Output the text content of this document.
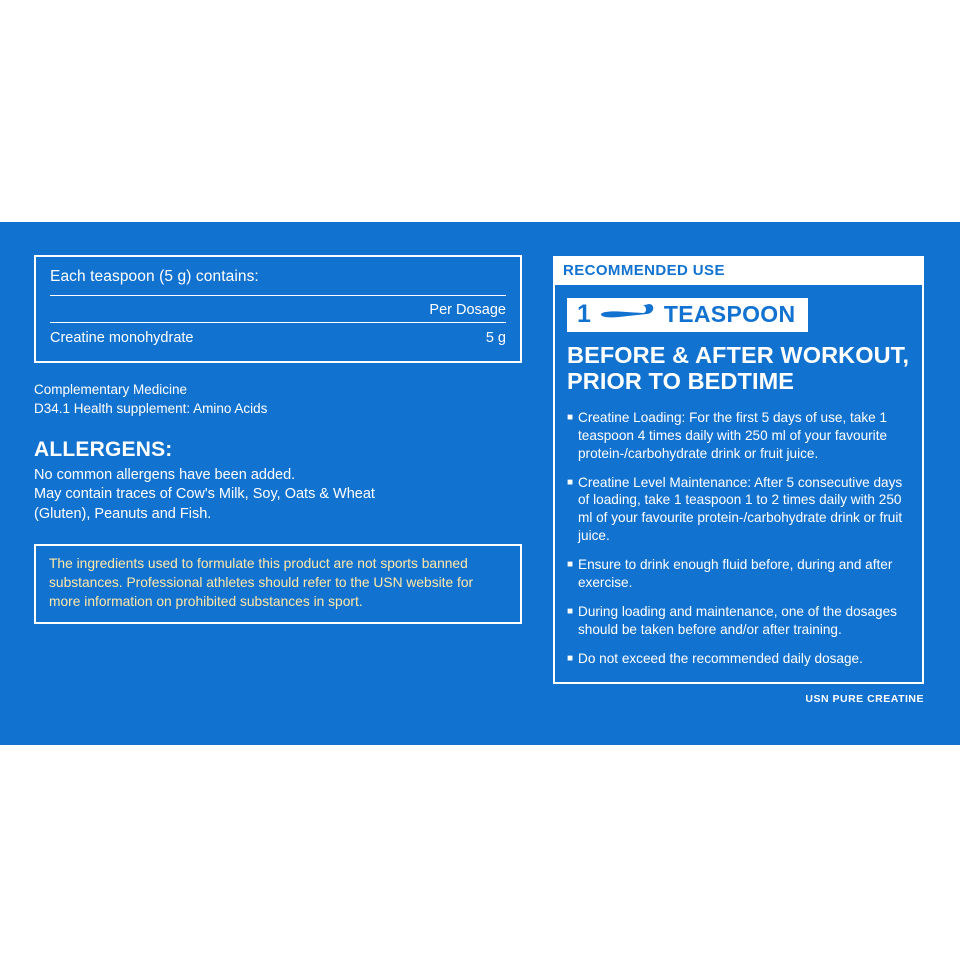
Each teaspoon (5 g) contains:
Per Dosage
Creatine monohydrate	5 g
Complementary Medicine
D34.1 Health supplement: Amino Acids
ALLERGENS:
No common allergens have been added.
May contain traces of Cow's Milk, Soy, Oats & Wheat
(Gluten), Peanuts and Fish.
The ingredients used to formulate this product are not sports banned substances. Professional athletes should refer to the USN website for more information on prohibited substances in sport.
RECOMMENDED USE
1	TEASPOON
BEFORE & AFTER WORKOUT,
PRIOR TO BEDTIME
■ Creatine Loading: For the first 5 days of use, take 1 teaspoon 4 times daily with 250 ml of your favourite protein-/carbohydrate drink or fruit juice.
■ Creatine Level Maintenance: After 5 consecutive days of loading, take 1 teaspoon 1 to 2 times daily with 250 ml of your favourite protein-/carbohydrate drink or fruit juice.
■ Ensure to drink enough fluid before, during and after exercise.
■ During loading and maintenance, one of the dosages should be taken before and/or after training.
■ Do not exceed the recommended daily dosage.
USN PURE CREATINE
